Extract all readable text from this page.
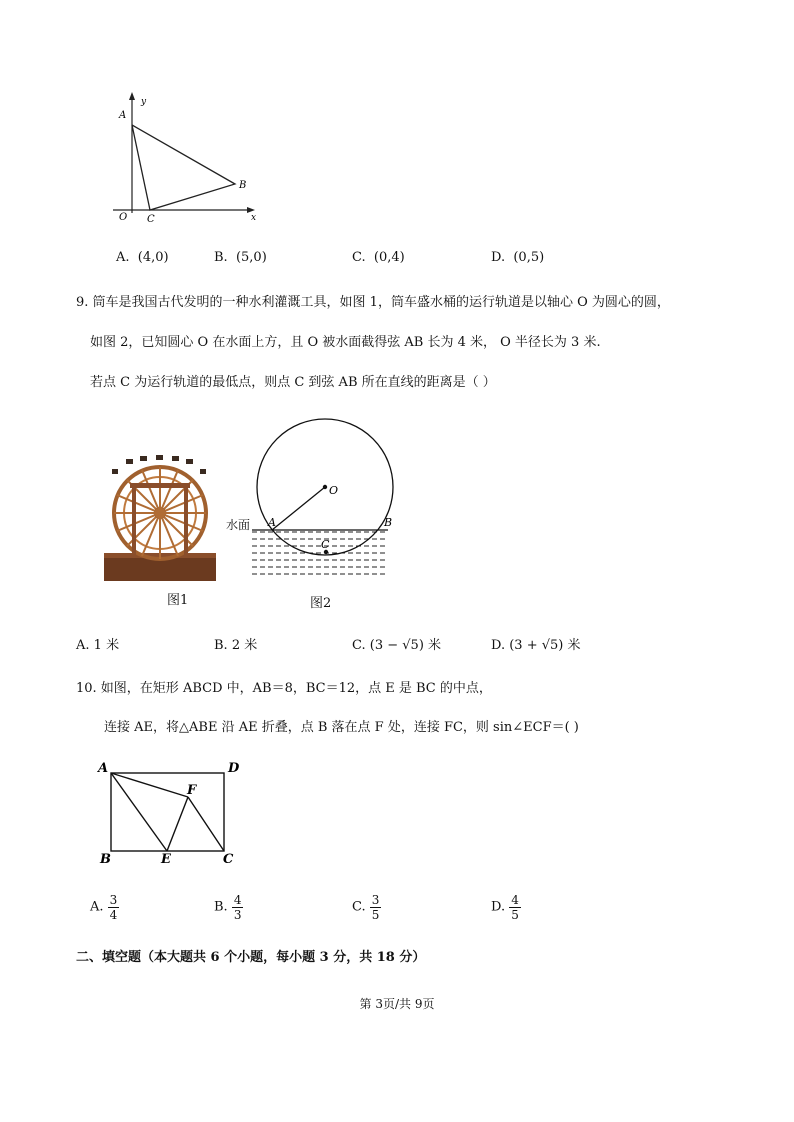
y
x
A
B
C
O
A. (4,0)	B. (5,0)	C. (0,4)	D. (0,5)
9. 筒车是我国古代发明的一种水利灌溉工具，如图 1，筒车盛水桶的运行轨道是以轴心 O 为圆心的圆，
如图 2，已知圆心 O 在水面上方，且 O 被水面截得弦 AB 长为 4 米， O 半径长为 3 米.
若点 C 为运行轨道的最低点，则点 C 到弦 AB 所在直线的距离是（ ）
图1
O
A	B
C
水面
图2
A. 1 米	B. 2 米	C. (3 − √5) 米	D. (3 + √5) 米
10. 如图，在矩形 ABCD 中，AB＝8，BC＝12，点 E 是 BC 的中点，
连接 AE，将△ABE 沿 AE 折叠，点 B 落在点 F 处，连接 FC，则 sin∠ECF＝( )
A	D
B	C
E
F
A. $\frac{3}{4}$	B. $\frac{4}{3}$	C. $\frac{3}{5}$	D. $\frac{4}{5}$
二、填空题（本大题共 6 个小题，每小题 3 分，共 18 分）
第 3页/共 9页
